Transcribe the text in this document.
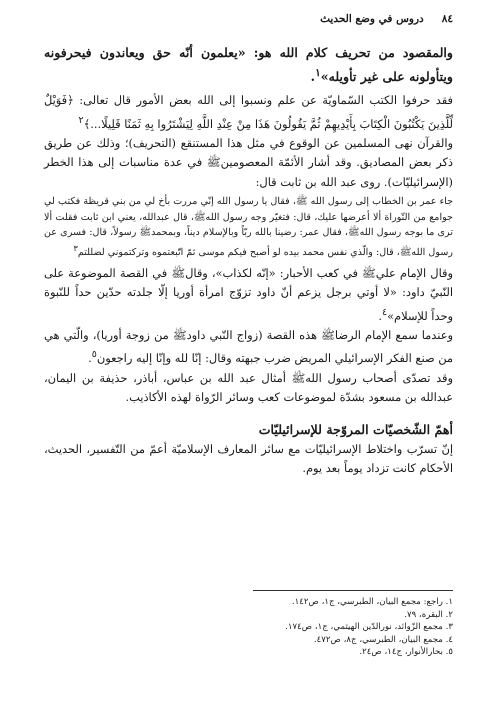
٨٤
دروس في وضع الحديث

والمقصود من تحريف كلام الله هو: «يعلمون أنّه حق ويعاندون فيحرفونه ويتأولونه على غير تأويله»$^١$.

فقد حرفوا الكتب السّماويّة عن علم ونسبوا إلى الله بعض الأمور قال تعالى: ﴿فَوَيْلٌ لِّلَّذِينَ يَكْتُبُونَ الْكِتَابَ بِأَيْدِيهِمْ ثُمَّ يَقُولُونَ هَذَا مِنْ عِنْدِ اللَّهِ لِيَشْتَرُوا بِهِ ثَمَنًا قَلِيلًا...﴾$^٢$

والقرآن نهى المسلمين عن الوقوع في مثل هذا المستنقع (التحريف)؛ وذلك عن طريق ذكر بعض المصاديق. وقد أشار الأئمّة المعصومينﷺ في عدة مناسبات إلى هذا الخطر (الإسرائيليّات). روى عبد الله بن ثابت قال:

جاء عمر بن الخطاب إلى رسول الله ﷺ، فقال يا رسول الله إنّي مررت بأخ لي من بني قريظة فكتب لي جوامع من التّوراة ألا أعرضها عليك، قال: فتغيّر وجه رسول اللهﷺ، قال عبدالله، يعني ابن ثابت فقلت ألا ترى ما بوجه رسول اللهﷺ، فقال عمر: رضينا بالله ربّاً وبالإسلام ديناً، وبمحمدﷺ رسولاً، قال: فسرى عن رسول اللهﷺ، قال: والّذي نفس محمد بيده لو أصبح فيكم موسى ثمّ اتّبعتموه وتركتموني لضللتم$^٣$

وقال الإمام عليﷺ في كعب الأحبار: «إنّه لكذاب»، وقالﷺ في القصة الموضوعة على النّبيّ داود: «لا أوتي برجل يزعم أنّ داود تزوّج امرأة أوريا إلّا جلدته حدّين حداً للنّبوة وحداً للإسلام»$^٤$.

وعندما سمع الإمام الرضاﷺ هذه القصة (زواج النّبي داودﷺ من زوجة أوريا)، والّتي هي من صنع الفكر الإسرائيلي المريض ضرب جبهته وقال: إنّا لله وإنّا إليه راجعون$^٥$.

وقد تصدّى أصحاب رسول اللهﷺ أمثال عبد الله بن عباس، أباذر، حذيفة بن اليمان، عبدالله بن مسعود بشدّة لموضوعات كعب وسائر الرّواة لهذه الأكاذيب.

أهمّ الشّخصيّات المروّجة للإسرائيليّات

إنّ تسرّب واختلاط الإسرائيليّات مع سائر المعارف الإسلاميّة أعمّ من التّفسير، الحديث، الأحكام كانت تزداد يوماً بعد يوم.

١. راجع: مجمع البيان، الطبرسي، ج١، ص١٤٢.
٢. البقرة، ٧٩.
٣. مجمع الزّوائد، نورالدّين الهيثمي، ج١، ص١٧٤.
٤. مجمع البيان، الطبرسي، ج٨، ص٤٧٢.
٥. بحارالأنوار، ج١٤، ص٢٤.
